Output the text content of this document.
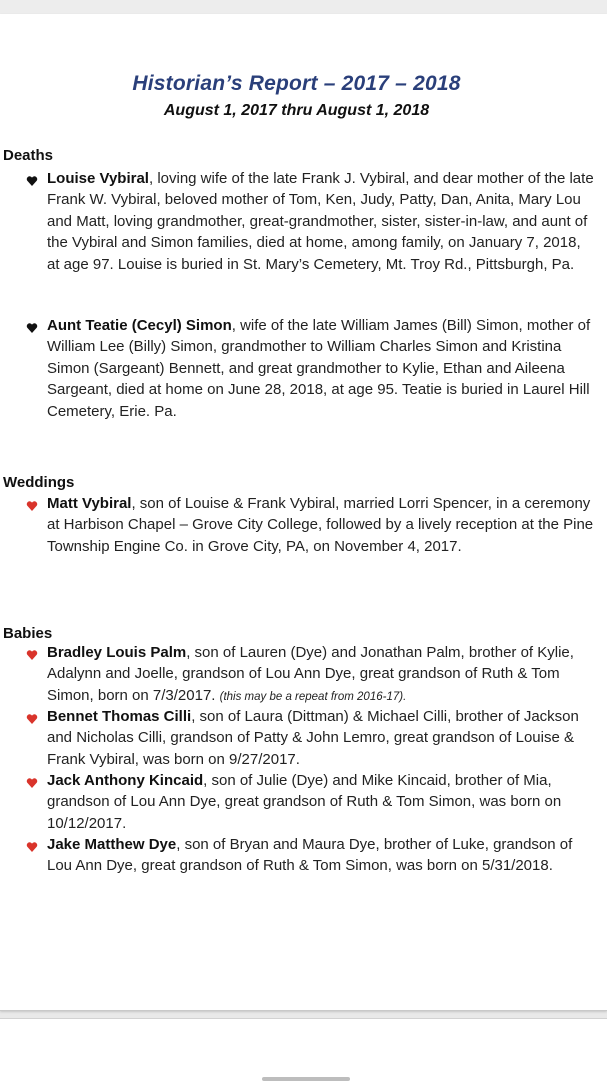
Historian’s Report – 2017 – 2018
August 1, 2017 thru August 1, 2018
Deaths
Louise Vybiral, loving wife of the late Frank J. Vybiral, and dear mother of the late Frank W. Vybiral, beloved mother of Tom, Ken, Judy, Patty, Dan, Anita, Mary Lou and Matt, loving grandmother, great-grandmother, sister, sister-in-law, and aunt of the Vybiral and Simon families, died at home, among family, on January 7, 2018, at age 97. Louise is buried in St. Mary’s Cemetery, Mt. Troy Rd., Pittsburgh, Pa.
Aunt Teatie (Cecyl) Simon, wife of the late William James (Bill) Simon, mother of William Lee (Billy) Simon, grandmother to William Charles Simon and Kristina Simon (Sargeant) Bennett, and great grandmother to Kylie, Ethan and Aileena Sargeant, died at home on June 28, 2018, at age 95. Teatie is buried in Laurel Hill Cemetery, Erie. Pa.
Weddings
Matt Vybiral, son of Louise & Frank Vybiral, married Lorri Spencer, in a ceremony at Harbison Chapel – Grove City College, followed by a lively reception at the Pine Township Engine Co. in Grove City, PA, on November 4, 2017.
Babies
Bradley Louis Palm, son of Lauren (Dye) and Jonathan Palm, brother of Kylie, Adalynn and Joelle, grandson of Lou Ann Dye, great grandson of Ruth & Tom Simon, born on 7/3/2017. (this may be a repeat from 2016-17).
Bennet Thomas Cilli, son of Laura (Dittman) & Michael Cilli, brother of Jackson and Nicholas Cilli, grandson of Patty & John Lemro, great grandson of Louise & Frank Vybiral, was born on 9/27/2017.
Jack Anthony Kincaid, son of Julie (Dye) and Mike Kincaid, brother of Mia, grandson of Lou Ann Dye, great grandson of Ruth & Tom Simon, was born on 10/12/2017.
Jake Matthew Dye, son of Bryan and Maura Dye, brother of Luke, grandson of Lou Ann Dye, great grandson of Ruth & Tom Simon, was born on 5/31/2018.
